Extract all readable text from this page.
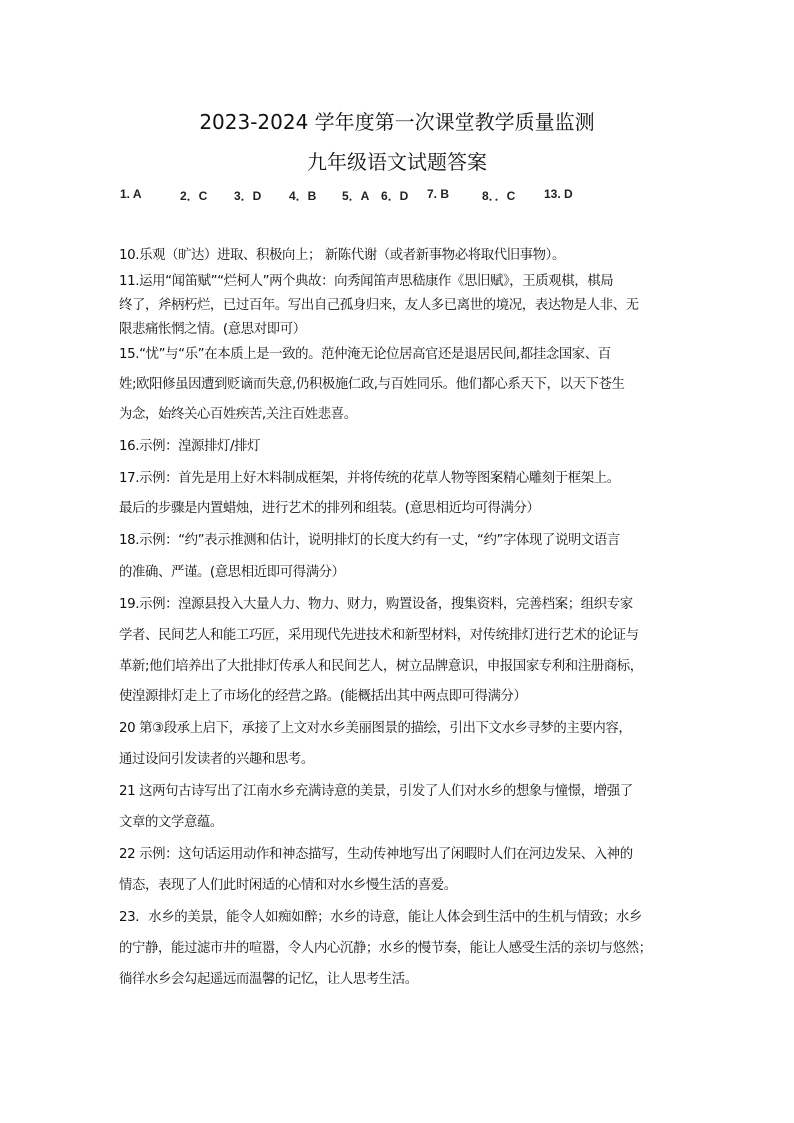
2023-2024 学年度第一次课堂教学质量监测
九年级语文试题答案
1. A	2．C 3．D 4．B 5．A 6．D 7. B	8．．C 13. D
10.乐观（旷达）进取、积极向上； 新陈代谢（或者新事物必将取代旧事物）。
11.运用“闻笛赋”“烂柯人”两个典故：向秀闻笛声思嵇康作《思旧赋》，王质观棋，棋局
终了，斧柄朽烂，已过百年。写出自己孤身归来，友人多已离世的境况，表达物是人非、无
限悲痛怅惘之情。(意思对即可）
15.“忧”与“乐”在本质上是一致的。范仲淹无论位居高官还是退居民间,都挂念国家、百
姓;欧阳修虽因遭到贬谪而失意,仍积极施仁政,与百姓同乐。他们都心系天下，以天下苍生
为念，始终关心百姓疾苦,关注百姓悲喜。
16.示例：湟源排灯/排灯
17.示例：首先是用上好木料制成框架，并将传统的花草人物等图案精心雕刻于框架上。
最后的步骤是内置蜡烛，进行艺术的排列和组装。(意思相近均可得满分）
18.示例：“约”表示推测和估计，说明排灯的长度大约有一丈，“约”字体现了说明文语言
的准确、严谨。(意思相近即可得满分）
19.示例：湟源县投入大量人力、物力、财力，购置设备，搜集资料，完善档案；组织专家
学者、民间艺人和能工巧匠，采用现代先进技术和新型材料，对传统排灯进行艺术的论证与
革新;他们培养出了大批排灯传承人和民间艺人，树立品牌意识，申报国家专利和注册商标，
使湟源排灯走上了市场化的经营之路。(能概括出其中两点即可得满分）
20 第③段承上启下，承接了上文对水乡美丽图景的描绘，引出下文水乡寻梦的主要内容，
通过设问引发读者的兴趣和思考。
21 这两句古诗写出了江南水乡充满诗意的美景，引发了人们对水乡的想象与憧憬，增强了
文章的文学意蕴。
22 示例：这句话运用动作和神态描写，生动传神地写出了闲暇时人们在河边发呆、入神的
情态，表现了人们此时闲适的心情和对水乡慢生活的喜爱。
23．水乡的美景，能令人如痴如醉；水乡的诗意，能让人体会到生活中的生机与情致；水乡
的宁静，能过滤市井的喧嚣，令人内心沉静；水乡的慢节奏，能让人感受生活的亲切与悠然；
徜徉水乡会勾起遥远而温馨的记忆，让人思考生活。
